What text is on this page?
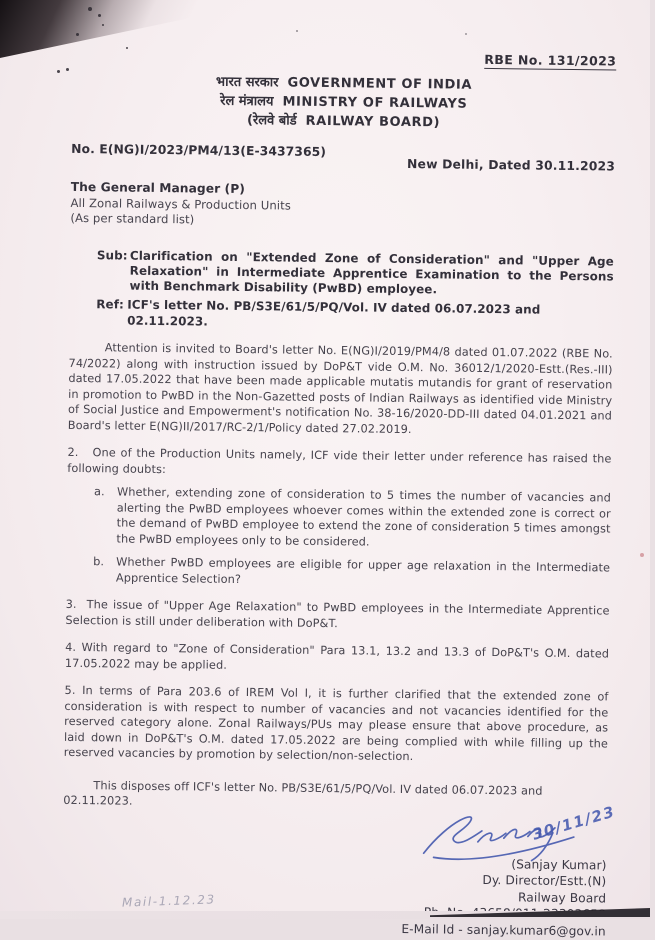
RBE No. 131/2023
भारत सरकार GOVERNMENT OF INDIA
रेल मंत्रालय MINISTRY OF RAILWAYS
(रेलवे बोर्ड RAILWAY BOARD)
No. E(NG)I/2023/PM4/13(E-3437365)
New Delhi, Dated 30.11.2023
The General Manager (P)
All Zonal Railways & Production Units
(As per standard list)
Sub: Clarification on "Extended Zone of Consideration" and "Upper Age Relaxation" in Intermediate Apprentice Examination to the Persons with Benchmark Disability (PwBD) employee.
Ref: ICF's letter No. PB/S3E/61/5/PQ/Vol. IV dated 06.07.2023 and 02.11.2023.
Attention is invited to Board's letter No. E(NG)I/2019/PM4/8 dated 01.07.2022 (RBE No. 74/2022) along with instruction issued by DoP&T vide O.M. No. 36012/1/2020-Estt.(Res.-III) dated 17.05.2022 that have been made applicable mutatis mutandis for grant of reservation in promotion to PwBD in the Non-Gazetted posts of Indian Railways as identified vide Ministry of Social Justice and Empowerment's notification No. 38-16/2020-DD-III dated 04.01.2021 and Board's letter E(NG)II/2017/RC-2/1/Policy dated 27.02.2019.
2.   One of the Production Units namely, ICF vide their letter under reference has raised the following doubts:
a.	Whether, extending zone of consideration to 5 times the number of vacancies and alerting the PwBD employees whoever comes within the extended zone is correct or the demand of PwBD employee to extend the zone of consideration 5 times amongst the PwBD employees only to be considered.
b.	Whether PwBD employees are eligible for upper age relaxation in the Intermediate Apprentice Selection?
3.  The issue of "Upper Age Relaxation" to PwBD employees in the Intermediate Apprentice Selection is still under deliberation with DoP&T.
4. With regard to "Zone of Consideration" Para 13.1, 13.2 and 13.3 of DoP&T's O.M. dated 17.05.2022 may be applied.
5. In terms of Para 203.6 of IREM Vol I, it is further clarified that the extended zone of consideration is with respect to number of vacancies and not vacancies identified for the reserved category alone. Zonal Railways/PUs may please ensure that above procedure, as laid down in DoP&T's O.M. dated 17.05.2022 are being complied with while filling up the reserved vacancies by promotion by selection/non-selection.
This disposes off ICF's letter No. PB/S3E/61/5/PQ/Vol. IV dated 06.07.2023 and 02.11.2023.
30/11/23
(Sanjay Kumar)
Dy. Director/Estt.(N)
Railway Board
E-Mail Id - sanjay.kumar6@gov.in
Mail-1.12.23
